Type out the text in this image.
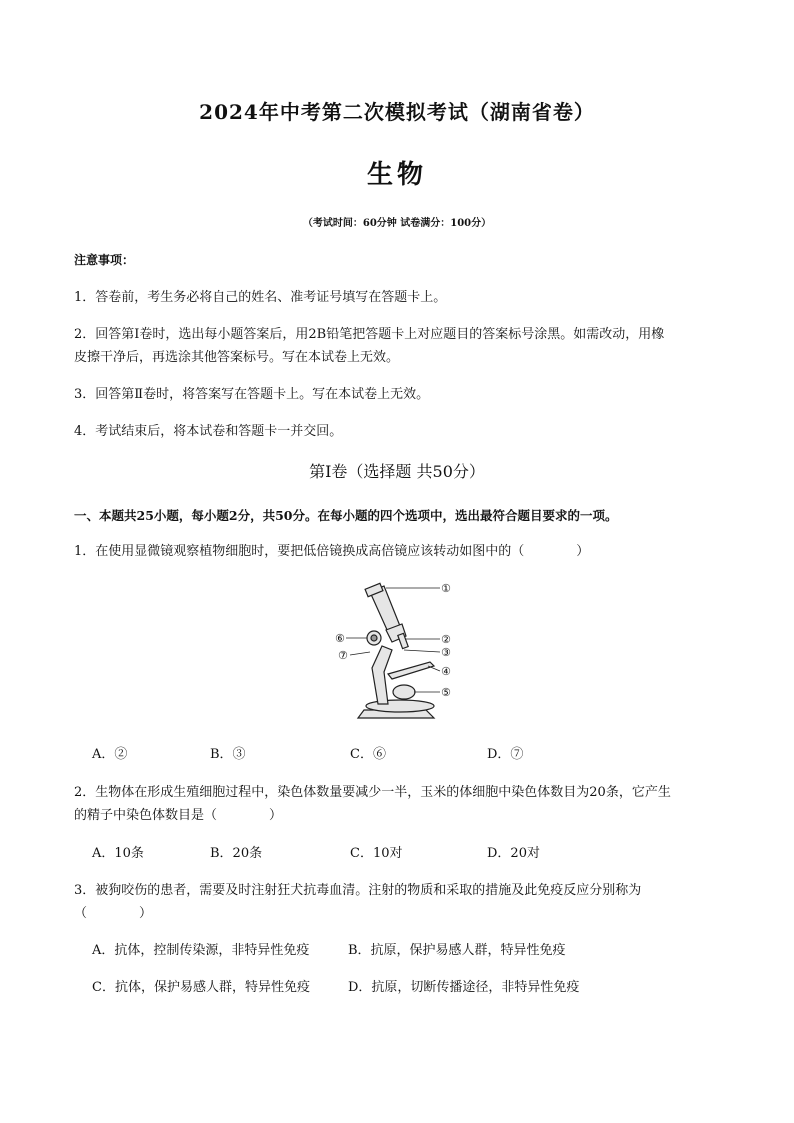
2024年中考第二次模拟考试（湖南省卷）
生物
（考试时间：60分钟 试卷满分：100分）
注意事项：
1．答卷前，考生务必将自己的姓名、准考证号填写在答题卡上。
2．回答第Ⅰ卷时，选出每小题答案后，用2B铅笔把答题卡上对应题目的答案标号涂黑。如需改动，用橡
皮擦干净后，再选涂其他答案标号。写在本试卷上无效。
3．回答第Ⅱ卷时，将答案写在答题卡上。写在本试卷上无效。
4．考试结束后，将本试卷和答题卡一并交回。
第Ⅰ卷（选择题 共50分）
一、本题共25小题，每小题2分，共50分。在每小题的四个选项中，选出最符合题目要求的一项。
1．在使用显微镜观察植物细胞时，要把低倍镜换成高倍镜应该转动如图中的（　　　　）
①
②
③
④
⑤
⑥
⑦
A．②	B．③	C．⑥	D．⑦
2．生物体在形成生殖细胞过程中，染色体数量要减少一半，玉米的体细胞中染色体数目为20条，它产生
的精子中染色体数目是（　　　　）
A．10条	B．20条	C．10对	D．20对
3．被狗咬伤的患者，需要及时注射狂犬抗毒血清。注射的物质和采取的措施及此免疫反应分别称为
（　　　　）
A．抗体，控制传染源，非特异性免疫	B．抗原，保护易感人群，特异性免疫
C．抗体，保护易感人群，特异性免疫	D．抗原，切断传播途径，非特异性免疫
